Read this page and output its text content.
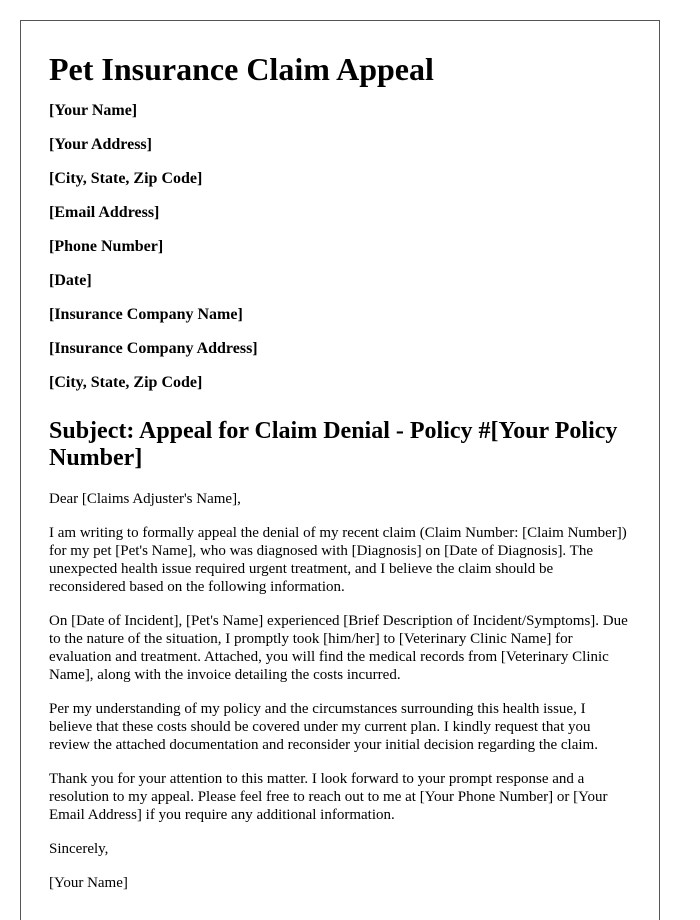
Pet Insurance Claim Appeal
[Your Name]
[Your Address]
[City, State, Zip Code]
[Email Address]
[Phone Number]
[Date]
[Insurance Company Name]
[Insurance Company Address]
[City, State, Zip Code]
Subject: Appeal for Claim Denial - Policy #[Your Policy Number]

Dear [Claims Adjuster's Name],

I am writing to formally appeal the denial of my recent claim (Claim Number: [Claim Number]) for my pet [Pet's Name], who was diagnosed with [Diagnosis] on [Date of Diagnosis]. The unexpected health issue required urgent treatment, and I believe the claim should be reconsidered based on the following information.

On [Date of Incident], [Pet's Name] experienced [Brief Description of Incident/Symptoms]. Due to the nature of the situation, I promptly took [him/her] to [Veterinary Clinic Name] for evaluation and treatment. Attached, you will find the medical records from [Veterinary Clinic Name], along with the invoice detailing the costs incurred.

Per my understanding of my policy and the circumstances surrounding this health issue, I believe that these costs should be covered under my current plan. I kindly request that you review the attached documentation and reconsider your initial decision regarding the claim.

Thank you for your attention to this matter. I look forward to your prompt response and a resolution to my appeal. Please feel free to reach out to me at [Your Phone Number] or [Your Email Address] if you require any additional information.

Sincerely,

[Your Name]
